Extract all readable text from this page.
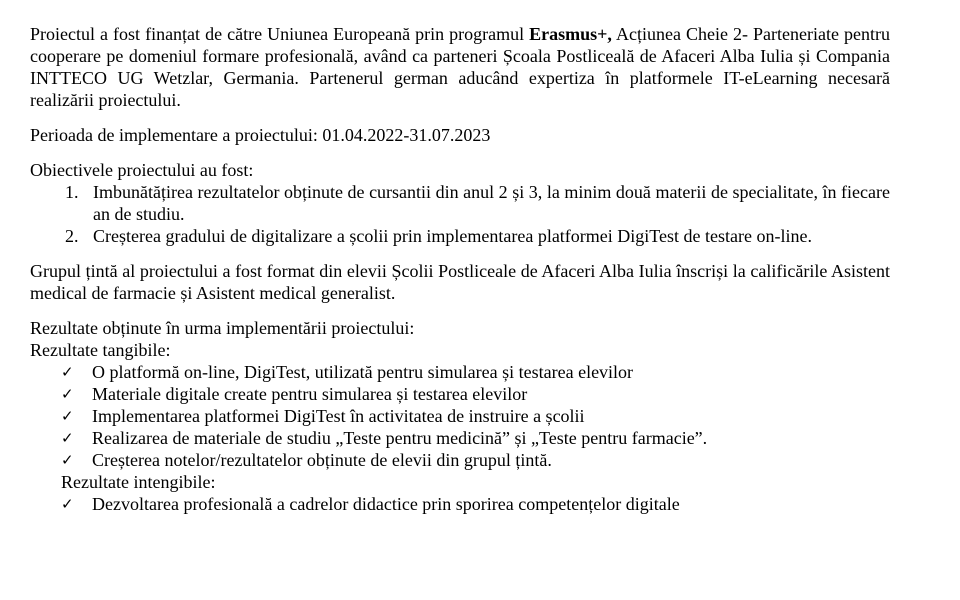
Proiectul a fost finanțat de către Uniunea Europeană prin programul Erasmus+, Acțiunea Cheie 2- Parteneriate pentru cooperare pe domeniul formare profesională, având ca parteneri Școala Postliceală de Afaceri Alba Iulia și Compania INTTECO UG Wetzlar, Germania. Partenerul german aducând expertiza în platformele IT-eLearning necesară realizării proiectului.

Perioada de implementare a proiectului: 01.04.2022-31.07.2023

Obiectivele proiectului au fost:

1. Imbunătățirea rezultatelor obținute de cursantii din anul 2 și 3, la minim două materii de specialitate, în fiecare an de studiu.
2. Creșterea gradului de digitalizare a școlii prin implementarea platformei DigiTest de testare on-line.

Grupul țintă al proiectului a fost format din elevii Școlii Postliceale de Afaceri Alba Iulia înscriși la calificările Asistent medical de farmacie și Asistent medical generalist.

Rezultate obținute în urma implementării proiectului:

Rezultate tangibile:

✓	O platformă on-line, DigiTest, utilizată pentru simularea și testarea elevilor
✓	Materiale digitale create pentru simularea și testarea elevilor
✓	Implementarea platformei DigiTest în activitatea de instruire a școlii
✓	Realizarea de materiale de studiu „Teste pentru medicină” și „Teste pentru farmacie”.
✓	Creșterea notelor/rezultatelor obținute de elevii din grupul țintă.

Rezultate intengibile:

✓	Dezvoltarea profesională a cadrelor didactice prin sporirea competențelor digitale
